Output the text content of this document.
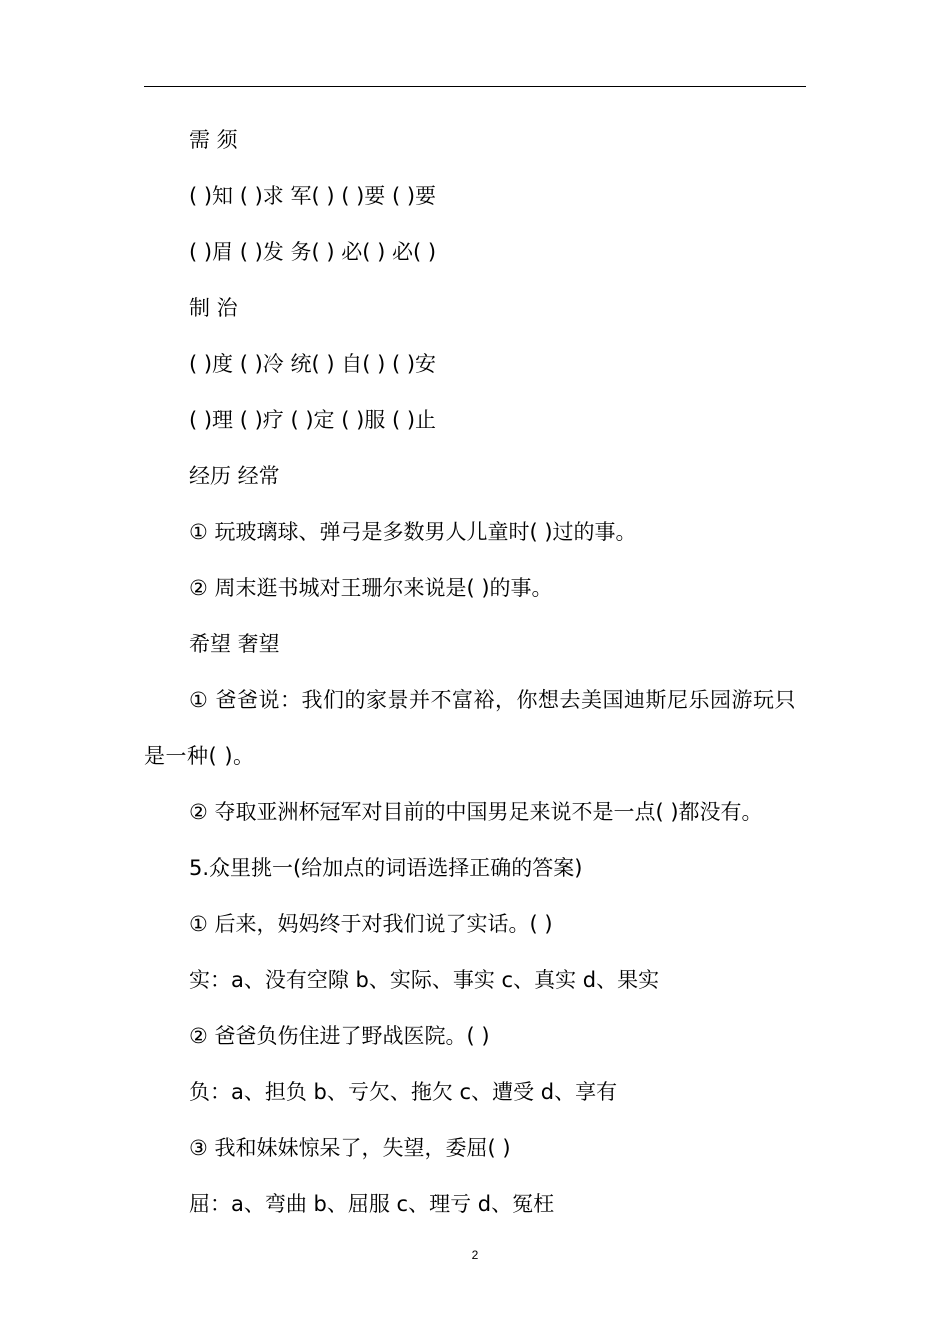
需 须
( )知 ( )求 军( ) ( )要 ( )要
( )眉 ( )发 务( ) 必( ) 必( )
制 治
( )度 ( )冷 统( ) 自( ) ( )安
( )理 ( )疗 ( )定 ( )服 ( )止
经历 经常
① 玩玻璃球、弹弓是多数男人儿童时( )过的事。
② 周末逛书城对王珊尔来说是( )的事。
希望 奢望
① 爸爸说：我们的家景并不富裕，你想去美国迪斯尼乐园游玩只是一种( )。
② 夺取亚洲杯冠军对目前的中国男足来说不是一点( )都没有。
5.众里挑一(给加点的词语选择正确的答案)
① 后来，妈妈终于对我们说了实话。( )
实：a、没有空隙 b、实际、事实 c、真实 d、果实
② 爸爸负伤住进了野战医院。( )
负：a、担负 b、亏欠、拖欠 c、遭受 d、享有
③ 我和妹妹惊呆了，失望，委屈( )
屈：a、弯曲 b、屈服 c、理亏 d、冤枉
2
